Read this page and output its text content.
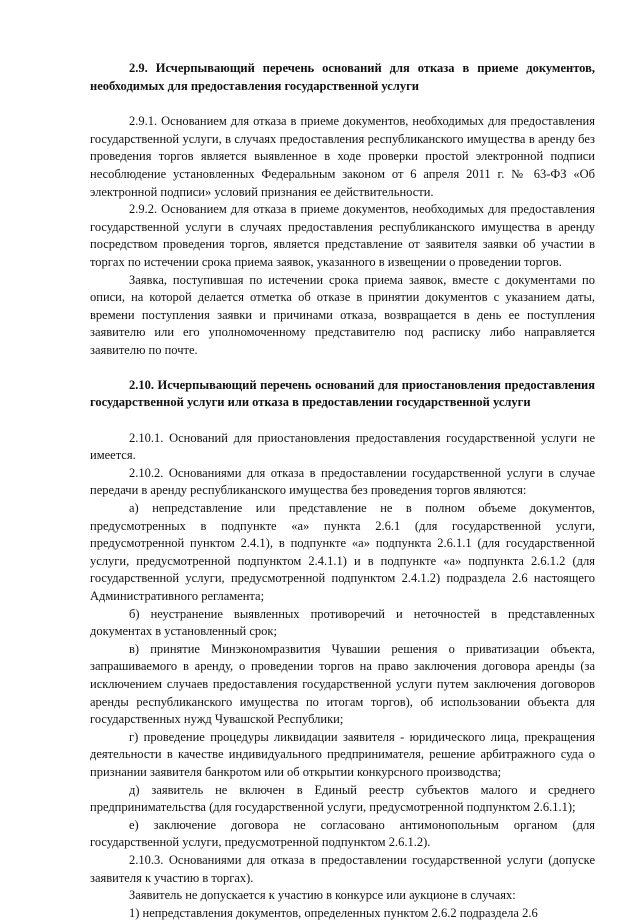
2.9. Исчерпывающий перечень оснований для отказа в приеме документов, необходимых для предоставления государственной услуги
2.9.1. Основанием для отказа в приеме документов, необходимых для предоставления государственной услуги, в случаях предоставления республиканского имущества в аренду без проведения торгов является выявленное в ходе проверки простой электронной подписи несоблюдение установленных Федеральным законом от 6 апреля 2011 г. № 63-ФЗ «Об электронной подписи» условий признания ее действительности.
2.9.2. Основанием для отказа в приеме документов, необходимых для предоставления государственной услуги в случаях предоставления республиканского имущества в аренду посредством проведения торгов, является представление от заявителя заявки об участии в торгах по истечении срока приема заявок, указанного в извещении о проведении торгов.
Заявка, поступившая по истечении срока приема заявок, вместе с документами по описи, на которой делается отметка об отказе в принятии документов с указанием даты, времени поступления заявки и причинами отказа, возвращается в день ее поступления заявителю или его уполномоченному представителю под расписку либо направляется заявителю по почте.
2.10. Исчерпывающий перечень оснований для приостановления предоставления государственной услуги или отказа в предоставлении государственной услуги
2.10.1. Оснований для приостановления предоставления государственной услуги не имеется.
2.10.2. Основаниями для отказа в предоставлении государственной услуги в случае передачи в аренду республиканского имущества без проведения торгов являются:
а) непредставление или представление не в полном объеме документов, предусмотренных в подпункте «а» пункта 2.6.1 (для государственной услуги, предусмотренной пунктом 2.4.1), в подпункте «а» подпункта 2.6.1.1 (для государственной услуги, предусмотренной подпунктом 2.4.1.1) и в подпункте «а» подпункта 2.6.1.2 (для государственной услуги, предусмотренной подпунктом 2.4.1.2) подраздела 2.6 настоящего Административного регламента;
б) неустранение выявленных противоречий и неточностей в представленных документах в установленный срок;
в) принятие Минэкономразвития Чувашии решения о приватизации объекта, запрашиваемого в аренду, о проведении торгов на право заключения договора аренды (за исключением случаев предоставления государственной услуги путем заключения договоров аренды республиканского имущества по итогам торгов), об использовании объекта для государственных нужд Чувашской Республики;
г) проведение процедуры ликвидации заявителя - юридического лица, прекращения деятельности в качестве индивидуального предпринимателя, решение арбитражного суда о признании заявителя банкротом или об открытии конкурсного производства;
д) заявитель не включен в Единый реестр субъектов малого и среднего предпринимательства (для государственной услуги, предусмотренной подпунктом 2.6.1.1);
е) заключение договора не согласовано антимонопольным органом (для государственной услуги, предусмотренной подпунктом 2.6.1.2).
2.10.3. Основаниями для отказа в предоставлении государственной услуги (допуске заявителя к участию в торгах).
Заявитель не допускается к участию в конкурсе или аукционе в случаях:
1) непредставления документов, определенных пунктом 2.6.2 подраздела 2.6
